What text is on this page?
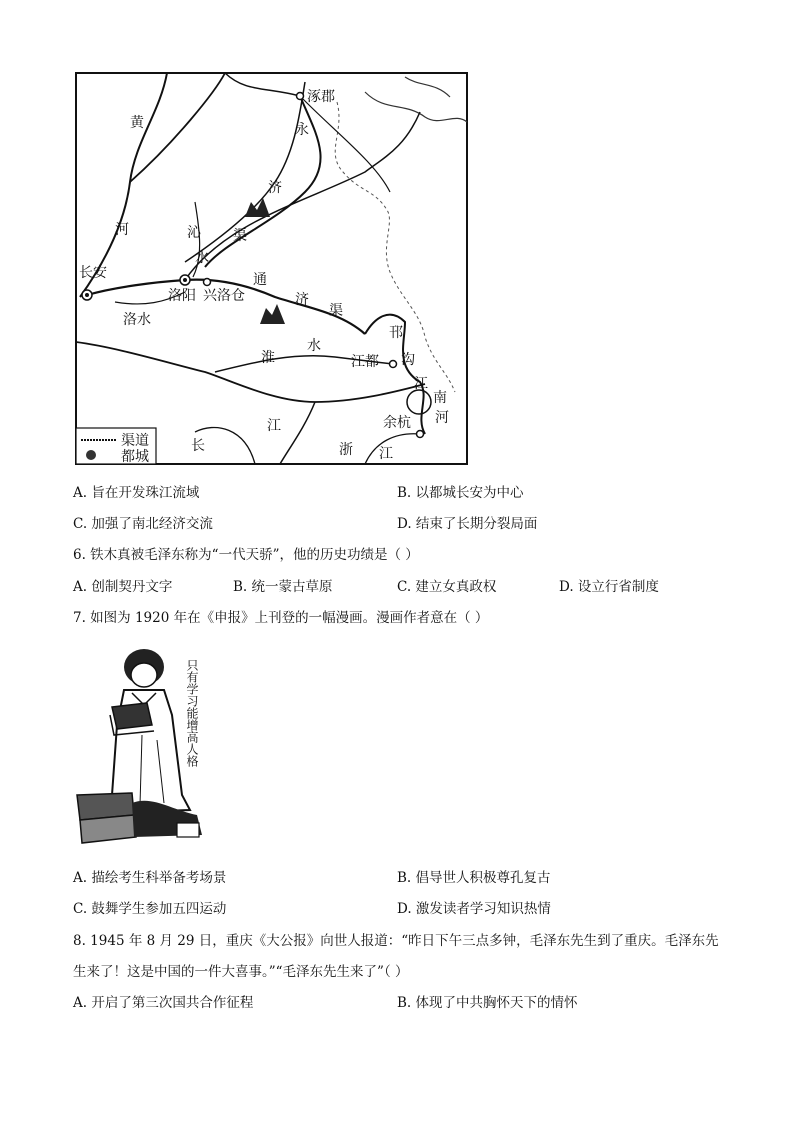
涿郡
永
黄
河
济
渠
沁
水
长安
洛阳 兴洛仓
通
济
渠
洛水
邗
沟
淮
水
江都
江
南
河
余杭
江
长	浙 江
渠道
都城
A. 旨在开发珠江流域	B. 以都城长安为中心
C. 加强了南北经济交流	D. 结束了长期分裂局面
6. 铁木真被毛泽东称为“一代天骄”，他的历史功绩是（ ）
A. 创制契丹文字	B. 统一蒙古草原	C. 建立女真政权	D. 设立行省制度
7. 如图为 1920 年在《申报》上刊登的一幅漫画。漫画作者意在（ ）
只有学习能增高人格
A. 描绘考生科举备考场景	B. 倡导世人积极尊孔复古
C. 鼓舞学生参加五四运动	D. 激发读者学习知识热情
8. 1945 年 8 月 29 日，重庆《大公报》向世人报道：“昨日下午三点多钟，毛泽东先生到了重庆。毛泽东先
生来了！这是中国的一件大喜事。”“毛泽东先生来了”（ ）
A. 开启了第三次国共合作征程	B. 体现了中共胸怀天下的情怀
